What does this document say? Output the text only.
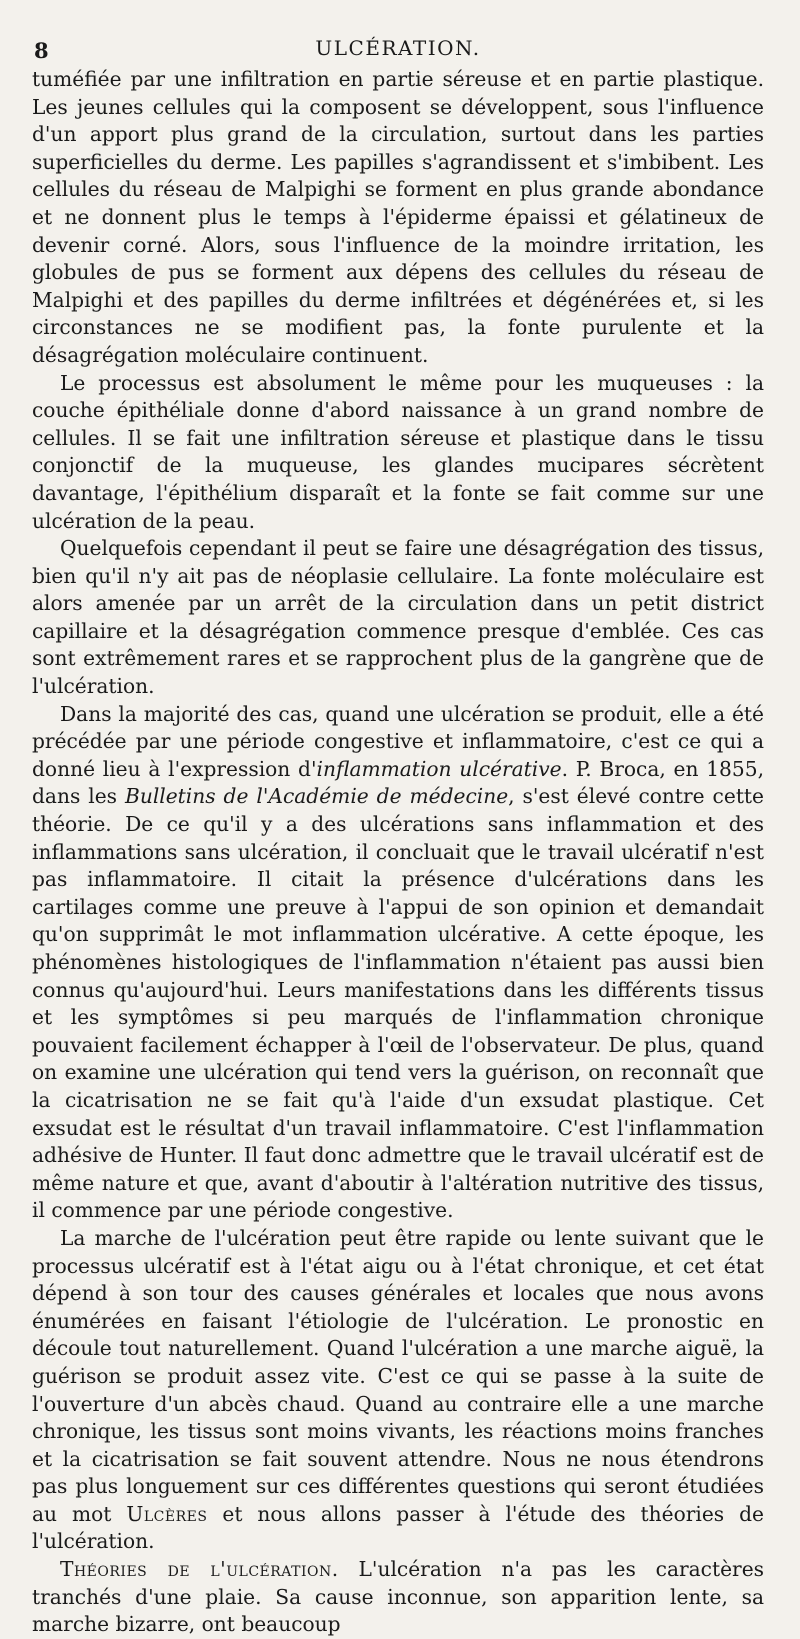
8	ULCÉRATION.

tuméfiée par une infiltration en partie séreuse et en partie plastique. Les jeunes cellules qui la composent se développent, sous l'influence d'un apport plus grand de la circulation, surtout dans les parties superficielles du derme. Les papilles s'agrandissent et s'imbibent. Les cellules du réseau de Malpighi se forment en plus grande abondance et ne donnent plus le temps à l'épiderme épaissi et gélatineux de devenir corné. Alors, sous l'influence de la moindre irritation, les globules de pus se forment aux dépens des cellules du réseau de Malpighi et des papilles du derme infiltrées et dégénérées et, si les circonstances ne se modifient pas, la fonte purulente et la désagrégation moléculaire continuent.

Le processus est absolument le même pour les muqueuses : la couche épithéliale donne d'abord naissance à un grand nombre de cellules. Il se fait une infiltration séreuse et plastique dans le tissu conjonctif de la muqueuse, les glandes mucipares sécrètent davantage, l'épithélium disparaît et la fonte se fait comme sur une ulcération de la peau.

Quelquefois cependant il peut se faire une désagrégation des tissus, bien qu'il n'y ait pas de néoplasie cellulaire. La fonte moléculaire est alors amenée par un arrêt de la circulation dans un petit district capillaire et la désagrégation commence presque d'emblée. Ces cas sont extrêmement rares et se rapprochent plus de la gangrène que de l'ulcération.

Dans la majorité des cas, quand une ulcération se produit, elle a été précédée par une période congestive et inflammatoire, c'est ce qui a donné lieu à l'expression d'inflammation ulcérative. P. Broca, en 1855, dans les Bulletins de l'Académie de médecine, s'est élevé contre cette théorie. De ce qu'il y a des ulcérations sans inflammation et des inflammations sans ulcération, il concluait que le travail ulcératif n'est pas inflammatoire. Il citait la présence d'ulcérations dans les cartilages comme une preuve à l'appui de son opinion et demandait qu'on supprimât le mot inflammation ulcérative. A cette époque, les phénomènes histologiques de l'inflammation n'étaient pas aussi bien connus qu'aujourd'hui. Leurs manifestations dans les différents tissus et les symptômes si peu marqués de l'inflammation chronique pouvaient facilement échapper à l'œil de l'observateur. De plus, quand on examine une ulcération qui tend vers la guérison, on reconnaît que la cicatrisation ne se fait qu'à l'aide d'un exsudat plastique. Cet exsudat est le résultat d'un travail inflammatoire. C'est l'inflammation adhésive de Hunter. Il faut donc admettre que le travail ulcératif est de même nature et que, avant d'aboutir à l'altération nutritive des tissus, il commence par une période congestive.

La marche de l'ulcération peut être rapide ou lente suivant que le processus ulcératif est à l'état aigu ou à l'état chronique, et cet état dépend à son tour des causes générales et locales que nous avons énumérées en faisant l'étiologie de l'ulcération. Le pronostic en découle tout naturellement. Quand l'ulcération a une marche aiguë, la guérison se produit assez vite. C'est ce qui se passe à la suite de l'ouverture d'un abcès chaud. Quand au contraire elle a une marche chronique, les tissus sont moins vivants, les réactions moins franches et la cicatrisation se fait souvent attendre. Nous ne nous étendrons pas plus longuement sur ces différentes questions qui seront étudiées au mot Ulcères et nous allons passer à l'étude des théories de l'ulcération.

Théories de l'ulcération. L'ulcération n'a pas les caractères tranchés d'une plaie. Sa cause inconnue, son apparition lente, sa marche bizarre, ont beaucoup
